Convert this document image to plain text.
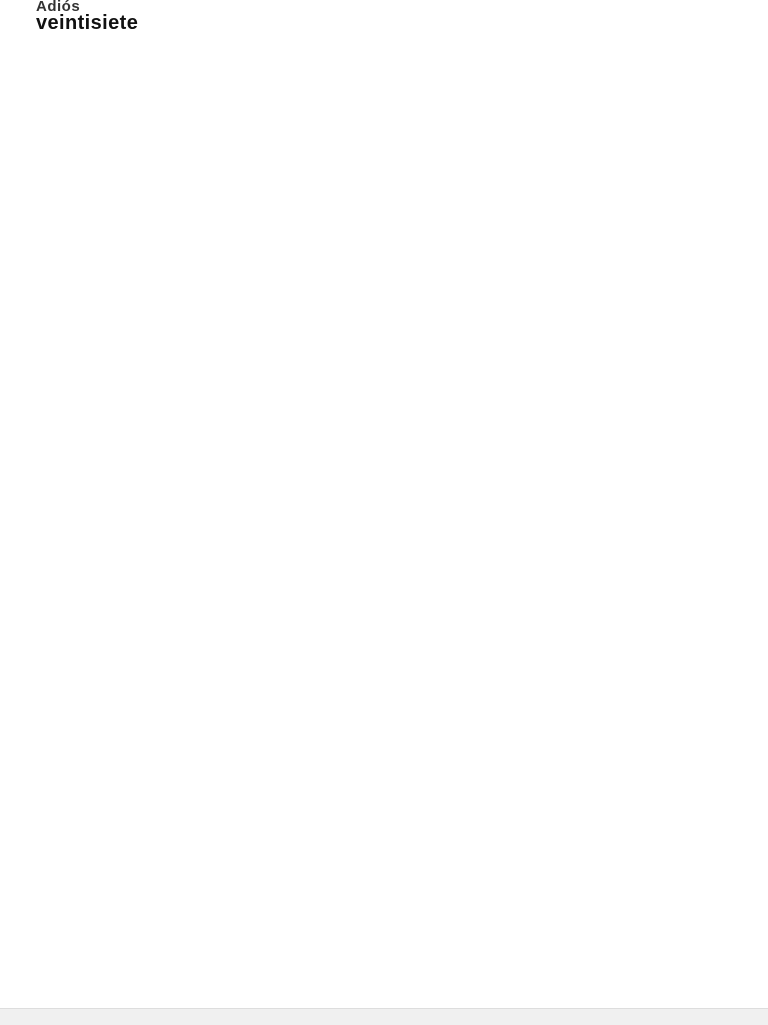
Adiós
veintisiete
